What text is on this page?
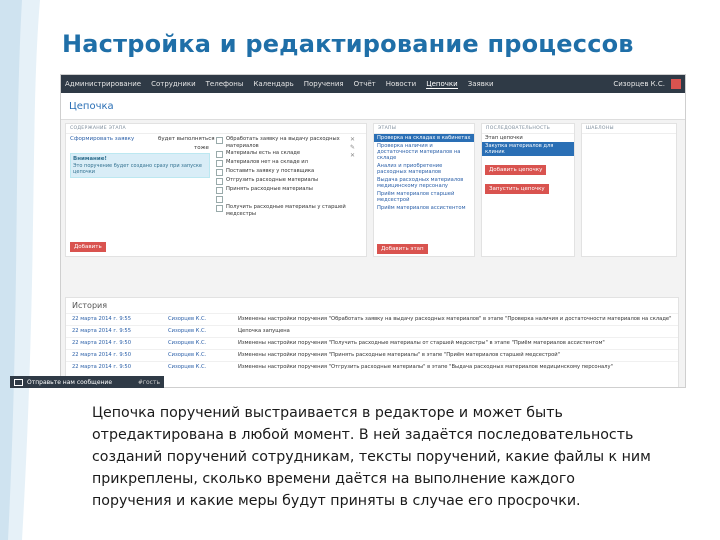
Настройка и редактирование процессов
Администрирование Сотрудники Телефоны Календарь Поручения Отчёт Новости Цепочки Заявки	Сизорцев К.С.
Цепочка
СОДЕРЖАНИЕ ЭТАПА
Сформировать заявку
Внимание!
Это поручение будет создано сразу при запуске цепочки
будет выполняться
тоже
Обработать заявку на выдачу расходных материалов
Материалы есть на складе
Материалов нет на складе ил
Поставить заявку у поставщика
Отгрузить расходные материалы
Принять расходные материалы
Получить расходные материалы у старшей медсестры
✕
✎
✕
Добавить
ЭТАПЫ
Проверка на складах в кабинетах
Проверка наличия и достаточности материалов на складе
Анализ и приобретение расходных материалов
Выдача расходных материалов медицинскому персоналу
Приём материалов старшей медсестрой
Приём материалов ассистентом
Добавить этап
ПОСЛЕДОВАТЕЛЬНОСТЬ
Этап цепочки
Закупка материалов для клиник
Добавить цепочку
Запустить цепочку
ШАБЛОНЫ
История
22 марта 2014 г. 9:55	Сизорцев К.С.	Изменены настройки поручения "Обработать заявку на выдачу расходных материалов" в этапе "Проверка наличия и достаточности материалов на складе"
22 марта 2014 г. 9:55	Сизорцев К.С.	Цепочка запущена
22 марта 2014 г. 9:50	Сизорцев К.С.	Изменены настройки поручения "Получить расходные материалы от старшей медсестры" в этапе "Приём материалов ассистентом"
22 марта 2014 г. 9:50	Сизорцев К.С.	Изменены настройки поручения "Принять расходные материалы" в этапе "Приём материалов старшей медсестрой"
22 марта 2014 г. 9:50	Сизорцев К.С.	Изменены настройки поручения "Отгрузить расходные материалы" в этапе "Выдача расходных материалов медицинскому персоналу"
Отправьте нам сообщение	#гость
Цепочка поручений выстраивается в редакторе и может быть
отредактирована в любой момент. В ней задаётся последовательность
созданий поручений сотрудникам, тексты поручений, какие файлы к ним
прикреплены, сколько времени даётся на выполнение каждого
поручения и какие меры будут приняты в случае его просрочки.
